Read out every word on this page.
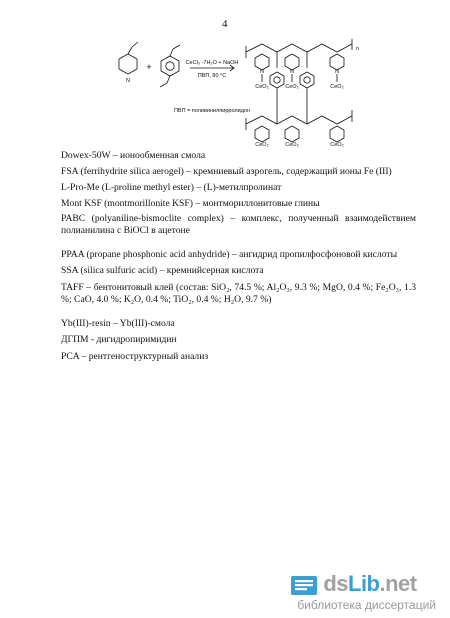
4
N
+	CeCl₃ ·7H₂O + NaOH
ПВП, 80 °C
ПВП = поливинилпирролидон
N	N	N
CeO₂	CeO₂	CeO₂
CeO₂	CeO₂	CeO₂
n

Dowex-50W – ионообменная смола

FSA (ferrihydrite silica aerogel) – кремниевый аэрогель, содержащий ионы Fe (III)

L-Pro-Me (L-proline methyl ester) – (L)-метилпролинат

Mont KSF (montmorillonite KSF) – монтмориллонитовые глины

PABC (polyaniline-bismoclite complex) – комплекс, полученный взаимодействием полианилина с BiOCl в ацетоне

PPAA (propane phosphonic acid anhydride) – ангидрид пропилфосфоновой кислоты

SSA (silica sulfuric acid) – кремнийсерная кислота

TAFF – бентонитовый клей (состав: SiO₂, 74.5 %; Al₂O₃, 9.3 %; MgO, 0.4 %; Fe₂O₃, 1.3 %; CaO, 4.0 %; K₂O, 0.4 %; TiO₂, 0.4 %; H₂O, 9.7 %)

Yb(III)-resin – Yb(III)-смола

ДГПМ - дигидропиримидин

PCA – рентгеноструктурный анализ

dsLib.net
библиотека диссертаций
